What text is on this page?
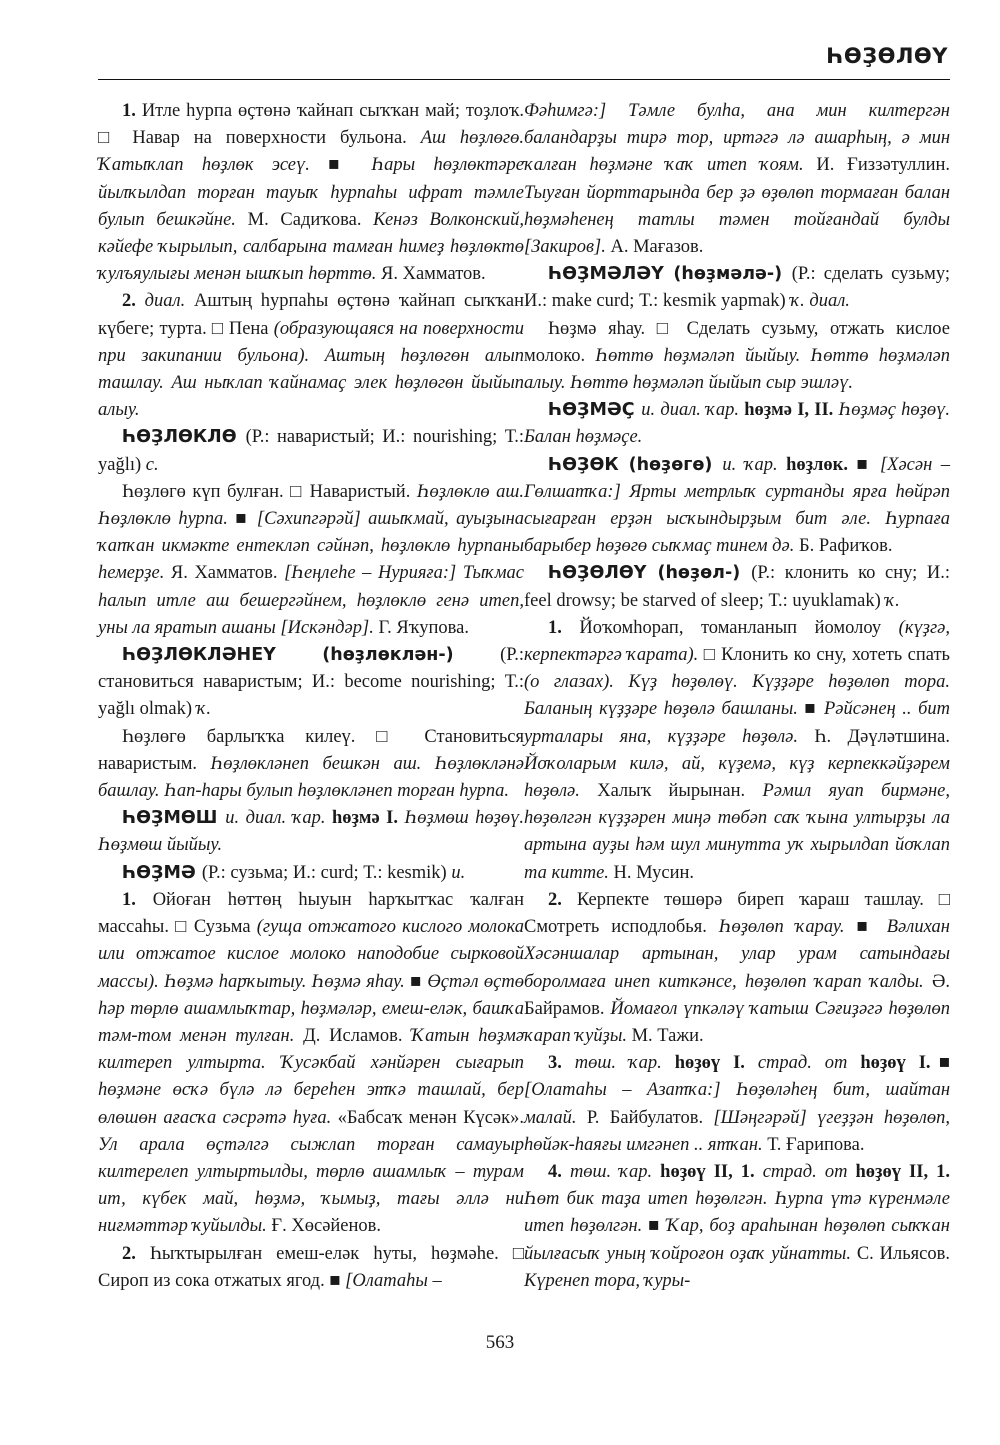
ҺӨҘӨЛӨҮ

1. Итле һурпа өҫтөнә ҡайнап сыҡҡан май; тоҙлоҡ. □ Навар на поверхности бульона. Аш һөҙлөгө. Ҡатыҡлап һөҙлөк эсеү. ■ Һары һөҙлөктәре йылҡылдап торған тауыҡ һурпаһы ифрат тәмле булып бешкәйне. М. Садиҡова. Кенәз Волконский, кәйефе ҡырылып, салбарына тамған һимеҙ һөҙлөктө ҡулъяулығы менән ышҡып һөрттө. Я. Хамматов.

2. диал. Аштың һурпаһы өҫтөнә ҡайнап сыҡҡан күбеге; турта. □ Пена (образующаяся на поверхности при закипании бульона). Аштың һөҙлөгөн алып ташлау. Аш ныҡлап ҡайнамаҫ элек һөҙлөгөн йыйып алыу.

ҺӨҘЛӨКЛӨ (Р.: наваристый; И.: nourishing; Т.: yağlı) с.

Һөҙлөгө күп булған. □ Наваристый. Һөҙлөклө аш. Һөҙлөклө һурпа. ■ [Сәхипгәрәй] ашыҡмай, ауыҙына ҡапҡан икмәкте ентекләп сәйнәп, һөҙлөклө һурпаны һемерҙе. Я. Хамматов. [Һеңлеһе – Нурияға:] Тыҡмас һалып итле аш бешергәйнем, һөҙлөклө генә итеп, уны ла яратып ашаны [Искәндәр]. Г. Яҡупова.

ҺӨҘЛӨКЛӘНЕҮ (һөҙлөклән-) (Р.: становиться наваристым; И.: become nourishing; Т.: yağlı olmak) ҡ.

Һөҙлөгө барлыҡҡа килеү. □ Становиться наваристым. Һөҙлөкләнеп бешкән аш. Һөҙлөкләнә башлау. Һап-һары булып һөҙлөкләнеп торған һурпа.

ҺӨҘМӨШ и. диал. ҡар. һөҙмә I. Һөҙмөш һөҙөү. Һөҙмөш йыйыу.

ҺӨҘМӘ (Р.: сузьма; И.: curd; Т.: kesmik) и.

1. Ойоған һөттөң һыуын һарҡытҡас ҡалған массаһы. □ Сузьма (гуща отжатого кислого молока или отжатое кислое молоко наподобие сырковой массы). Һөҙмә һарҡытыу. Һөҙмә яһау. ■ Өҫтәл өҫтө һәр төрлө ашамлыҡтар, һөҙмәләр, емеш-еләк, башҡа тәм-том менән тулған. Д. Исламов. Ҡатын һөҙмә килтереп ултырта. Ҡусәкбай хәнйәрен сығарып һөҙмәне өсҡә бүлә лә береһен этҡә ташлай, бер өлөшөн ағасҡа сәсрәтә һуға. «Бабсаҡ менән Күсәк». Ул арала өҫтәлгә сыжлап торған самауыр килтерелеп ултыртылды, төрлө ашамлыҡ – турам ит, күбек май, һөҙмә, ҡымыҙ, тағы әллә ни ниғмәттәр ҡуйылды. Ғ. Хөсәйенов.

2. Һыҡтырылған емеш-еләк һуты, һөҙмәһе. □ Сироп из сока отжатых ягод. ■ [Олатаһы –

Фәһимгә:] Тәмле булһа, ана мин килтергән баландарҙы тирә тор, иртәгә лә ашарһың, ә мин ҡалған һөҙмәне ҡаҡ итеп ҡоям. И. Ғиззәтуллин. Тыуған йорттарында бер ҙә өҙөлөп тормаған балан һөҙмәһенең татлы тәмен тойғандай булды [Закиров]. А. Мағазов.

ҺӨҘМӘЛӘҮ (һөҙмәлә-) (Р.: сделать сузьму; И.: make curd; Т.: kesmik yapmak) ҡ. диал.

Һөҙмә яһау. □ Сделать сузьму, отжать кислое молоко. Һөттө һөҙмәләп йыйыу. Һөттө һөҙмәләп алыу. Һөттө һөҙмәләп йыйып сыр эшләү.

ҺӨҘМӘҪ и. диал. ҡар. һөҙмә I, II. Һөҙмәҫ һөҙөү. Балан һөҙмәҫе.

ҺӨҘӨК (һөҙөгө) и. ҡар. һөҙлөк. ■ [Хәсән – Гөлшатҡа:] Ярты метрлыҡ суртанды ярға һөйрәп сығарған ерҙән ысҡындырҙым бит әле. Һурпаға барыбер һөҙөгө сыҡмаҫ тинем дә. Б. Рафиҡов.

ҺӨҘӨЛӨҮ (һөҙөл-) (Р.: клонить ко сну; И.: feel drowsy; be starved of sleep; Т.: uyuklamak) ҡ.

1. Йоҡомһорап, томанланып йомолоу (күҙгә, керпектәргә ҡарата). □ Клонить ко сну, хотеть спать (о глазах). Күҙ һөҙөлөү. Күҙҙәре һөҙөлөп тора. Баланың күҙҙәре һөҙөлә башланы. ■ Рәйсәнең .. бит урталары яна, күҙҙәре һөҙөлә. Һ. Дәүләтшина. Йоҡоларым килә, ай, күҙемә, күҙ керпеккәйҙәрем һөҙөлә. Халыҡ йырынан. Рәмил яуап бирмәне, һөҙөлгән күҙҙәрен миңә төбәп саҡ ҡына ултырҙы ла артына ауҙы һәм шул минутта уҡ хырылдап йоҡлап та китте. Н. Мусин.

2. Керпекте төшөрә биреп ҡараш ташлау. □ Смотреть исподлобья. Һөҙөлөп ҡарау. ■ Вәлихан Хәсәншалар артынан, улар урам сатындағы боролмаға инеп киткәнсе, һөҙөлөп ҡарап ҡалды. Ә. Байрамов. Йомағол үпкәләү ҡатыш Сәғиҙәгә һөҙөлөп ҡарап ҡуйҙы. М. Тажи.

3. төш. ҡар. һөҙөү I. страд. от һөҙөү I.■ [Олатаһы – Азатҡа:] Һөҙөләһең бит, шайтан малай. Р. Байбулатов. [Шәңгәрәй] үгеҙҙән һөҙөлөп, һөйәк-һаяғы имгәнеп .. ятҡан. Т. Ғарипова.

4. төш. ҡар. һөҙөү II, 1. страд. от һөҙөү II, 1. Һөт бик таҙа итеп һөҙөлгән. Һурпа үтә күренмәле итеп һөҙөлгән. ■ Ҡар, боҙ араһынан һөҙөлөп сыҡҡан йылғасыҡ уның ҡойроғон оҙаҡ уйнатты. С. Ильясов. Күренеп тора, ҡуры-

563
